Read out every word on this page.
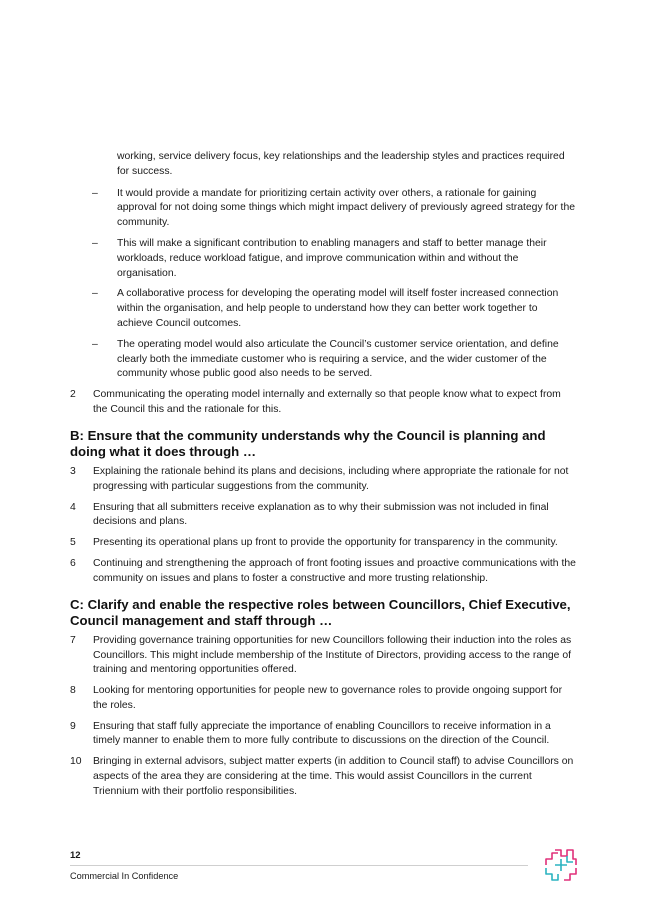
working, service delivery focus, key relationships and the leadership styles and practices required for success.

– It would provide a mandate for prioritizing certain activity over others, a rationale for gaining approval for not doing some things which might impact delivery of previously agreed strategy for the community.
– This will make a significant contribution to enabling managers and staff to better manage their workloads, reduce workload fatigue, and improve communication within and without the organisation.
– A collaborative process for developing the operating model will itself foster increased connection within the organisation, and help people to understand how they can better work together to achieve Council outcomes.
– The operating model would also articulate the Council’s customer service orientation, and define clearly both the immediate customer who is requiring a service, and the wider customer of the community whose public good also needs to be served.
2 Communicating the operating model internally and externally so that people know what to expect from the Council this and the rationale for this.
B: Ensure that the community understands why the Council is planning and doing what it does through …
3 Explaining the rationale behind its plans and decisions, including where appropriate the rationale for not progressing with particular suggestions from the community.
4 Ensuring that all submitters receive explanation as to why their submission was not included in final decisions and plans.
5 Presenting its operational plans up front to provide the opportunity for transparency in the community.
6 Continuing and strengthening the approach of front footing issues and proactive communications with the community on issues and plans to foster a constructive and more trusting relationship.
C: Clarify and enable the respective roles between Councillors, Chief Executive, Council management and staff through …
7 Providing governance training opportunities for new Councillors following their induction into the roles as Councillors. This might include membership of the Institute of Directors, providing access to the range of training and mentoring opportunities offered.
8 Looking for mentoring opportunities for people new to governance roles to provide ongoing support for the roles.
9 Ensuring that staff fully appreciate the importance of enabling Councillors to receive information in a timely manner to enable them to more fully contribute to discussions on the direction of the Council.
10 Bringing in external advisors, subject matter experts (in addition to Council staff) to advise Councillors on aspects of the area they are considering at the time. This would assist Councillors in the current Triennium with their portfolio responsibilities.
12
Commercial In Confidence
